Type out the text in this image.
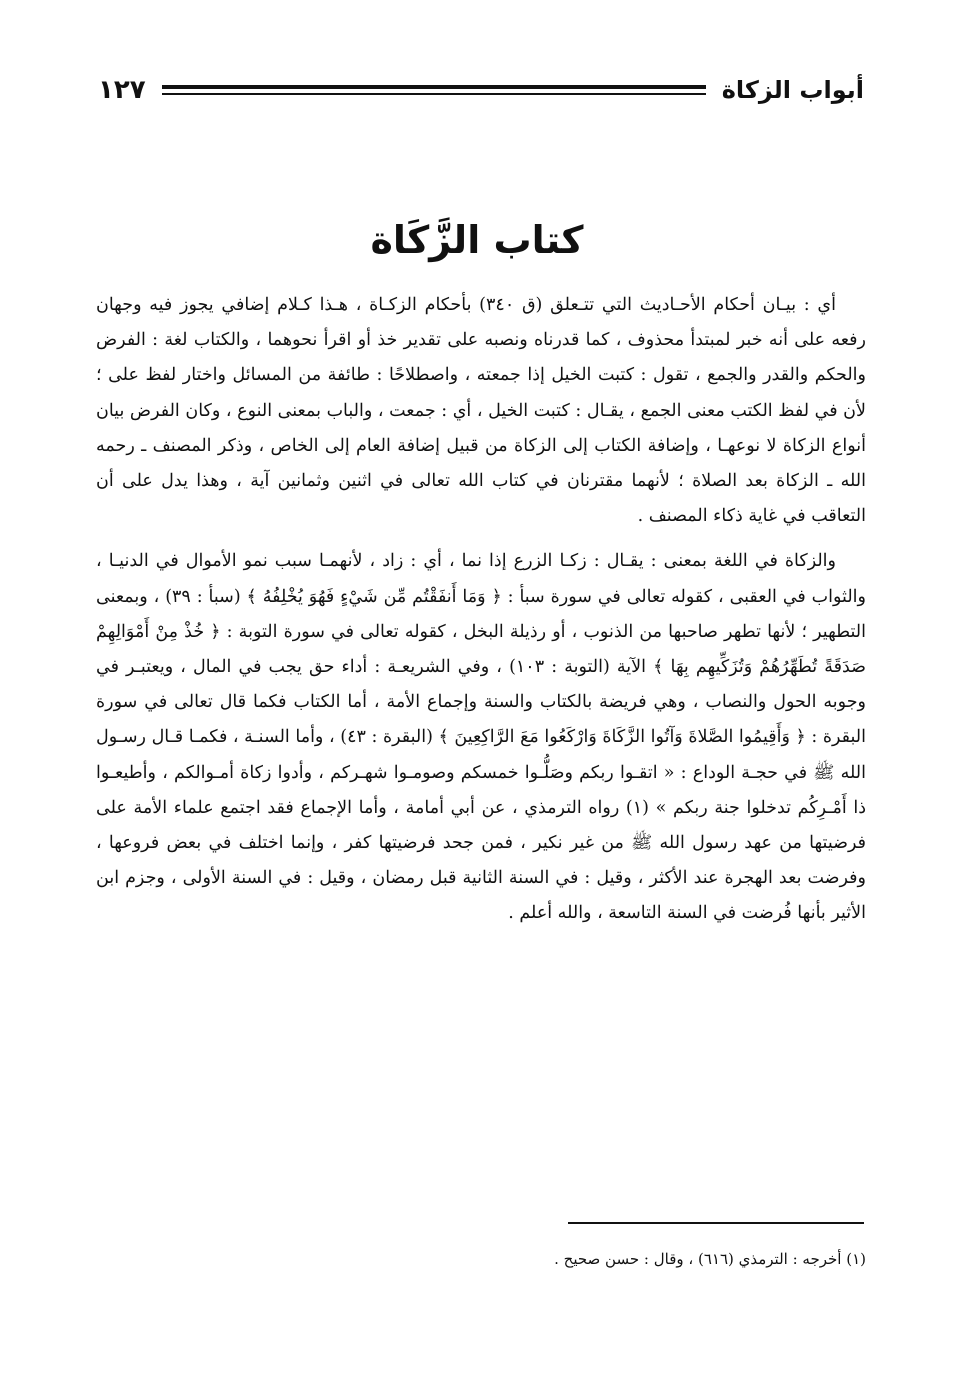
أبواب الزكاة
١٢٧
كتاب الزَّكَاة

أي : بيـان أحكام الأحـاديث التي تتـعلق (ق ٣٤٠) بأحكام الزكـاة ، هـذا كـلام إضافي يجوز فيه وجهان رفعه على أنه خبر لمبتدأ محذوف ، كما قدرناه ونصبه على تقدير خذ أو اقرأ نحوهما ، والكتاب لغة : الفرض والحكم والقدر والجمع ، تقول : كتبت الخيل إذا جمعته ، واصطلاحًا : طائفة من المسائل واختار لفظ على ؛ لأن في لفظ الكتب معنى الجمع ، يقـال : كتبت الخيل ، أي : جمعت ، والباب بمعنى النوع ، وكان الفرض بيان أنواع الزكاة لا نوعهـا ، وإضافة الكتاب إلى الزكاة من قبيل إضافة العام إلى الخاص ، وذكر المصنف ـ رحمه الله ـ الزكاة بعد الصلاة ؛ لأنهما مقترنان في كتاب الله تعالى في اثنين وثمانين آية ، وهذا يدل على أن التعاقب في غاية ذكاء المصنف .

والزكاة في اللغة بمعنى : يقـال : زكـا الزرع إذا نما ، أي : زاد ، لأنهمـا سبب نمو الأموال في الدنيـا ، والثواب في العقبى ، كقوله تعالى في سورة سبأ : ﴿ وَمَا أَنفَقْتُم مِّن شَيْءٍ فَهُوَ يُخْلِفُهُ ﴾ (سبأ : ٣٩) ، وبمعنى التطهير ؛ لأنها تطهر صاحبها من الذنوب ، أو رذيلة البخل ، كقوله تعالى في سورة التوبة : ﴿ خُذْ مِنْ أَمْوَالِهِمْ صَدَقَةً تُطَهِّرُهُمْ وَتُزَكِّيهِم بِهَا ﴾ الآية (التوبة : ١٠٣) ، وفي الشريعـة : أداء حق يجب في المال ، ويعتبـر في وجوبه الحول والنصاب ، وهي فريضة بالكتاب والسنة وإجماع الأمة ، أما الكتاب فكما قال تعالى في سورة البقرة : ﴿ وَأَقِيمُوا الصَّلاةَ وَآتُوا الزَّكَاةَ وَارْكَعُوا مَعَ الرَّاكِعِينَ ﴾ (البقرة : ٤٣) ، وأما السنـة ، فكمـا قـال رسـول الله ﷺ في حجـة الوداع : « اتقـوا ربكم وصَلُّـوا خمسكم وصومـوا شهـركم ، وأدوا زكاة أمـوالكم ، وأطيعـوا ذا أَمْـرِكُم تدخلوا جنة ربكم » (١) رواه الترمذي ، عن أبي أمامة ، وأما الإجماع فقد اجتمع علماء الأمة على فرضيتها من عهد رسول الله ﷺ من غير نكير ، فمن جحد فرضيتها كفر ، وإنما اختلف في بعض فروعها ، وفرضت بعد الهجرة عند الأكثر ، وقيل : في السنة الثانية قبل رمضان ، وقيل : في السنة الأولى ، وجزم ابن الأثير بأنها فُرضت في السنة التاسعة ، والله أعلم .

(١) أخرجه : الترمذي (٦١٦) ، وقال : حسن صحيح .
